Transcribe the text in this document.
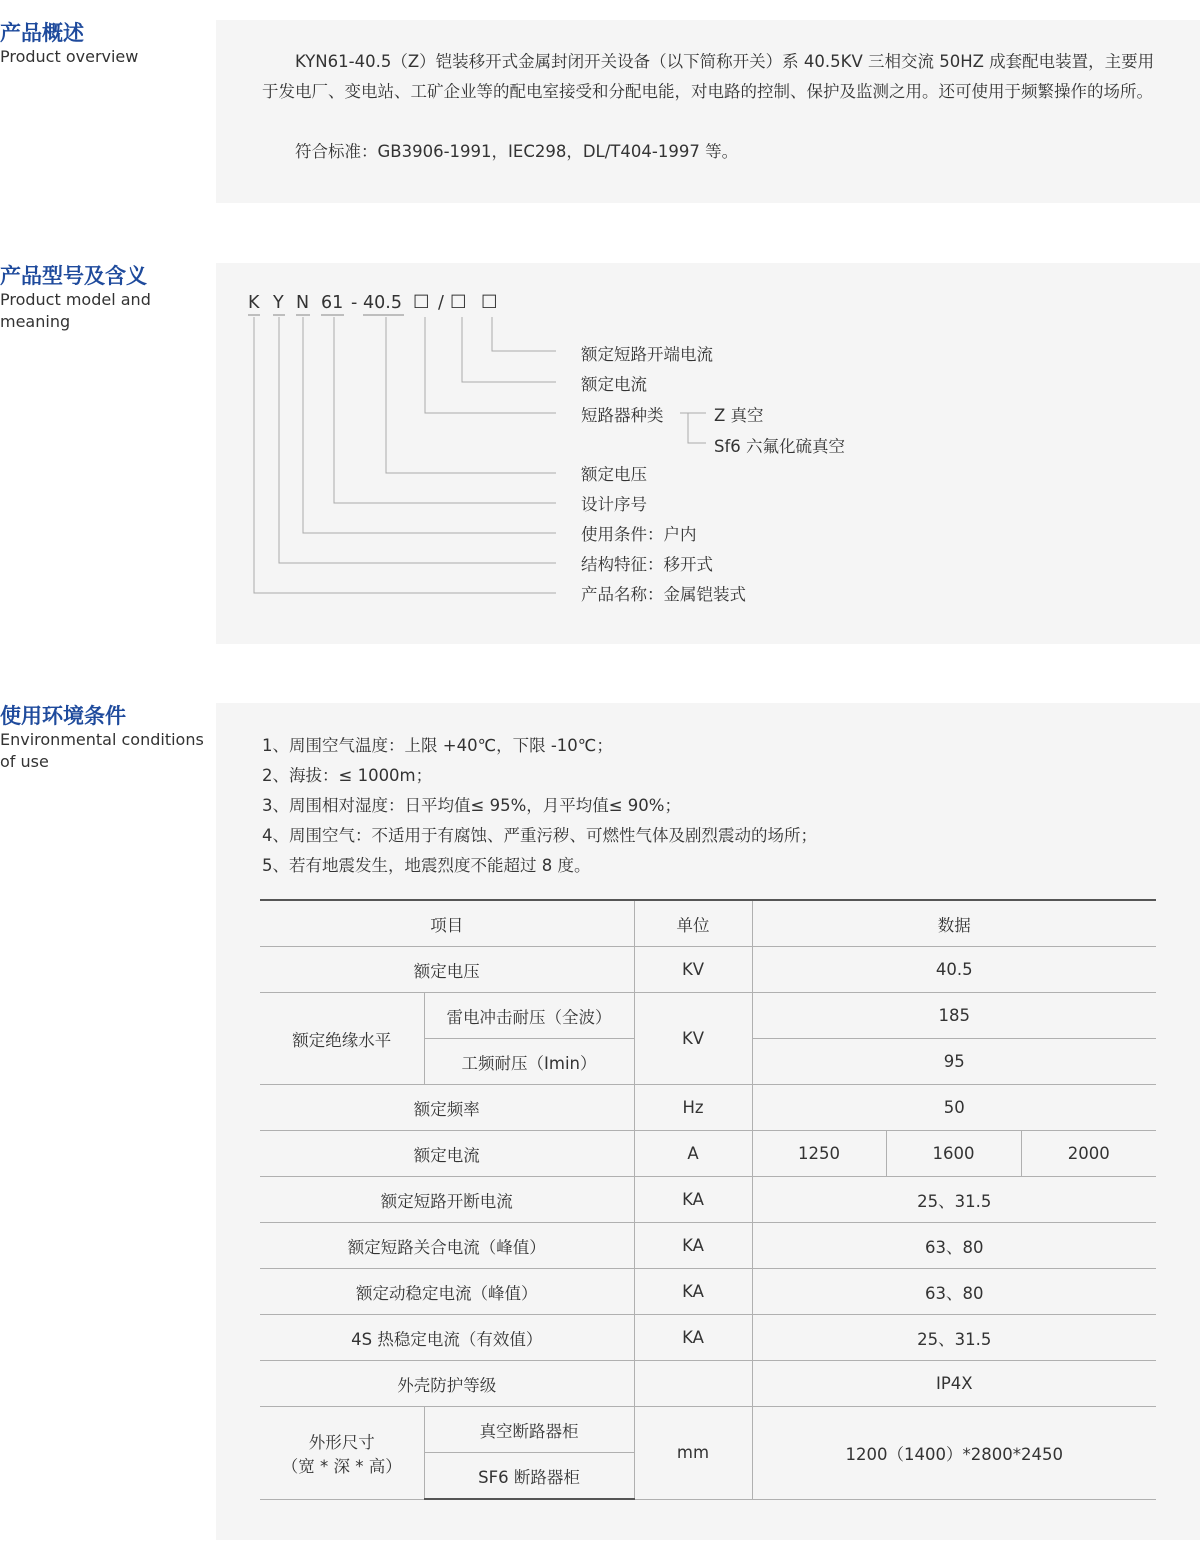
产品概述

Product overview	KYN61-40.5（Z）铠装移开式金属封闭开关设备（以下简称开关）系 40.5KV 三相交流 50HZ 成套配电装置，主要用于发电厂、变电站、工矿企业等的配电室接受和分配电能，对电路的控制、保护及监测之用。还可使用于频繁操作的场所。

符合标准：GB3906-1991，IEC298，DL/T404-1997 等。

产品型号及含义

Product model and meaning

K Y N 61 - 40.5 □ / □ □
额定短路开端电流
额定电流
短路器种类	Z 真空
Sf6 六氟化硫真空
额定电压
设计序号
使用条件：户内
结构特征：移开式
产品名称：金属铠装式

使用环境条件

Environmental conditions of use

1、周围空气温度：上限 +40℃，下限 -10℃；

2、海拔：≤ 1000m；

3、周围相对湿度：日平均值≤ 95%，月平均值≤ 90%；

4、周围空气：不适用于有腐蚀、严重污秽、可燃性气体及剧烈震动的场所；

5、若有地震发生，地震烈度不能超过 8 度。

项目		单位	数据		
额定电压		KV	40.5		
额定绝缘水平	雷电冲击耐压（全波）	KV	185		
	工频耐压（Imin）		95		
额定频率		Hz	50		
额定电流		A	1250	1600	2000
额定短路开断电流		KA	25、31.5		
额定短路关合电流（峰值）		KA	63、80		
额定动稳定电流（峰值）		KA	63、80		
4S 热稳定电流（有效值）		KA	25、31.5		
外壳防护等级			IP4X		

外形尺寸
（宽 * 深 * 高）	真空断路器柜	mm	1200（1400）*2800*2450		
	SF6 断路器柜				
